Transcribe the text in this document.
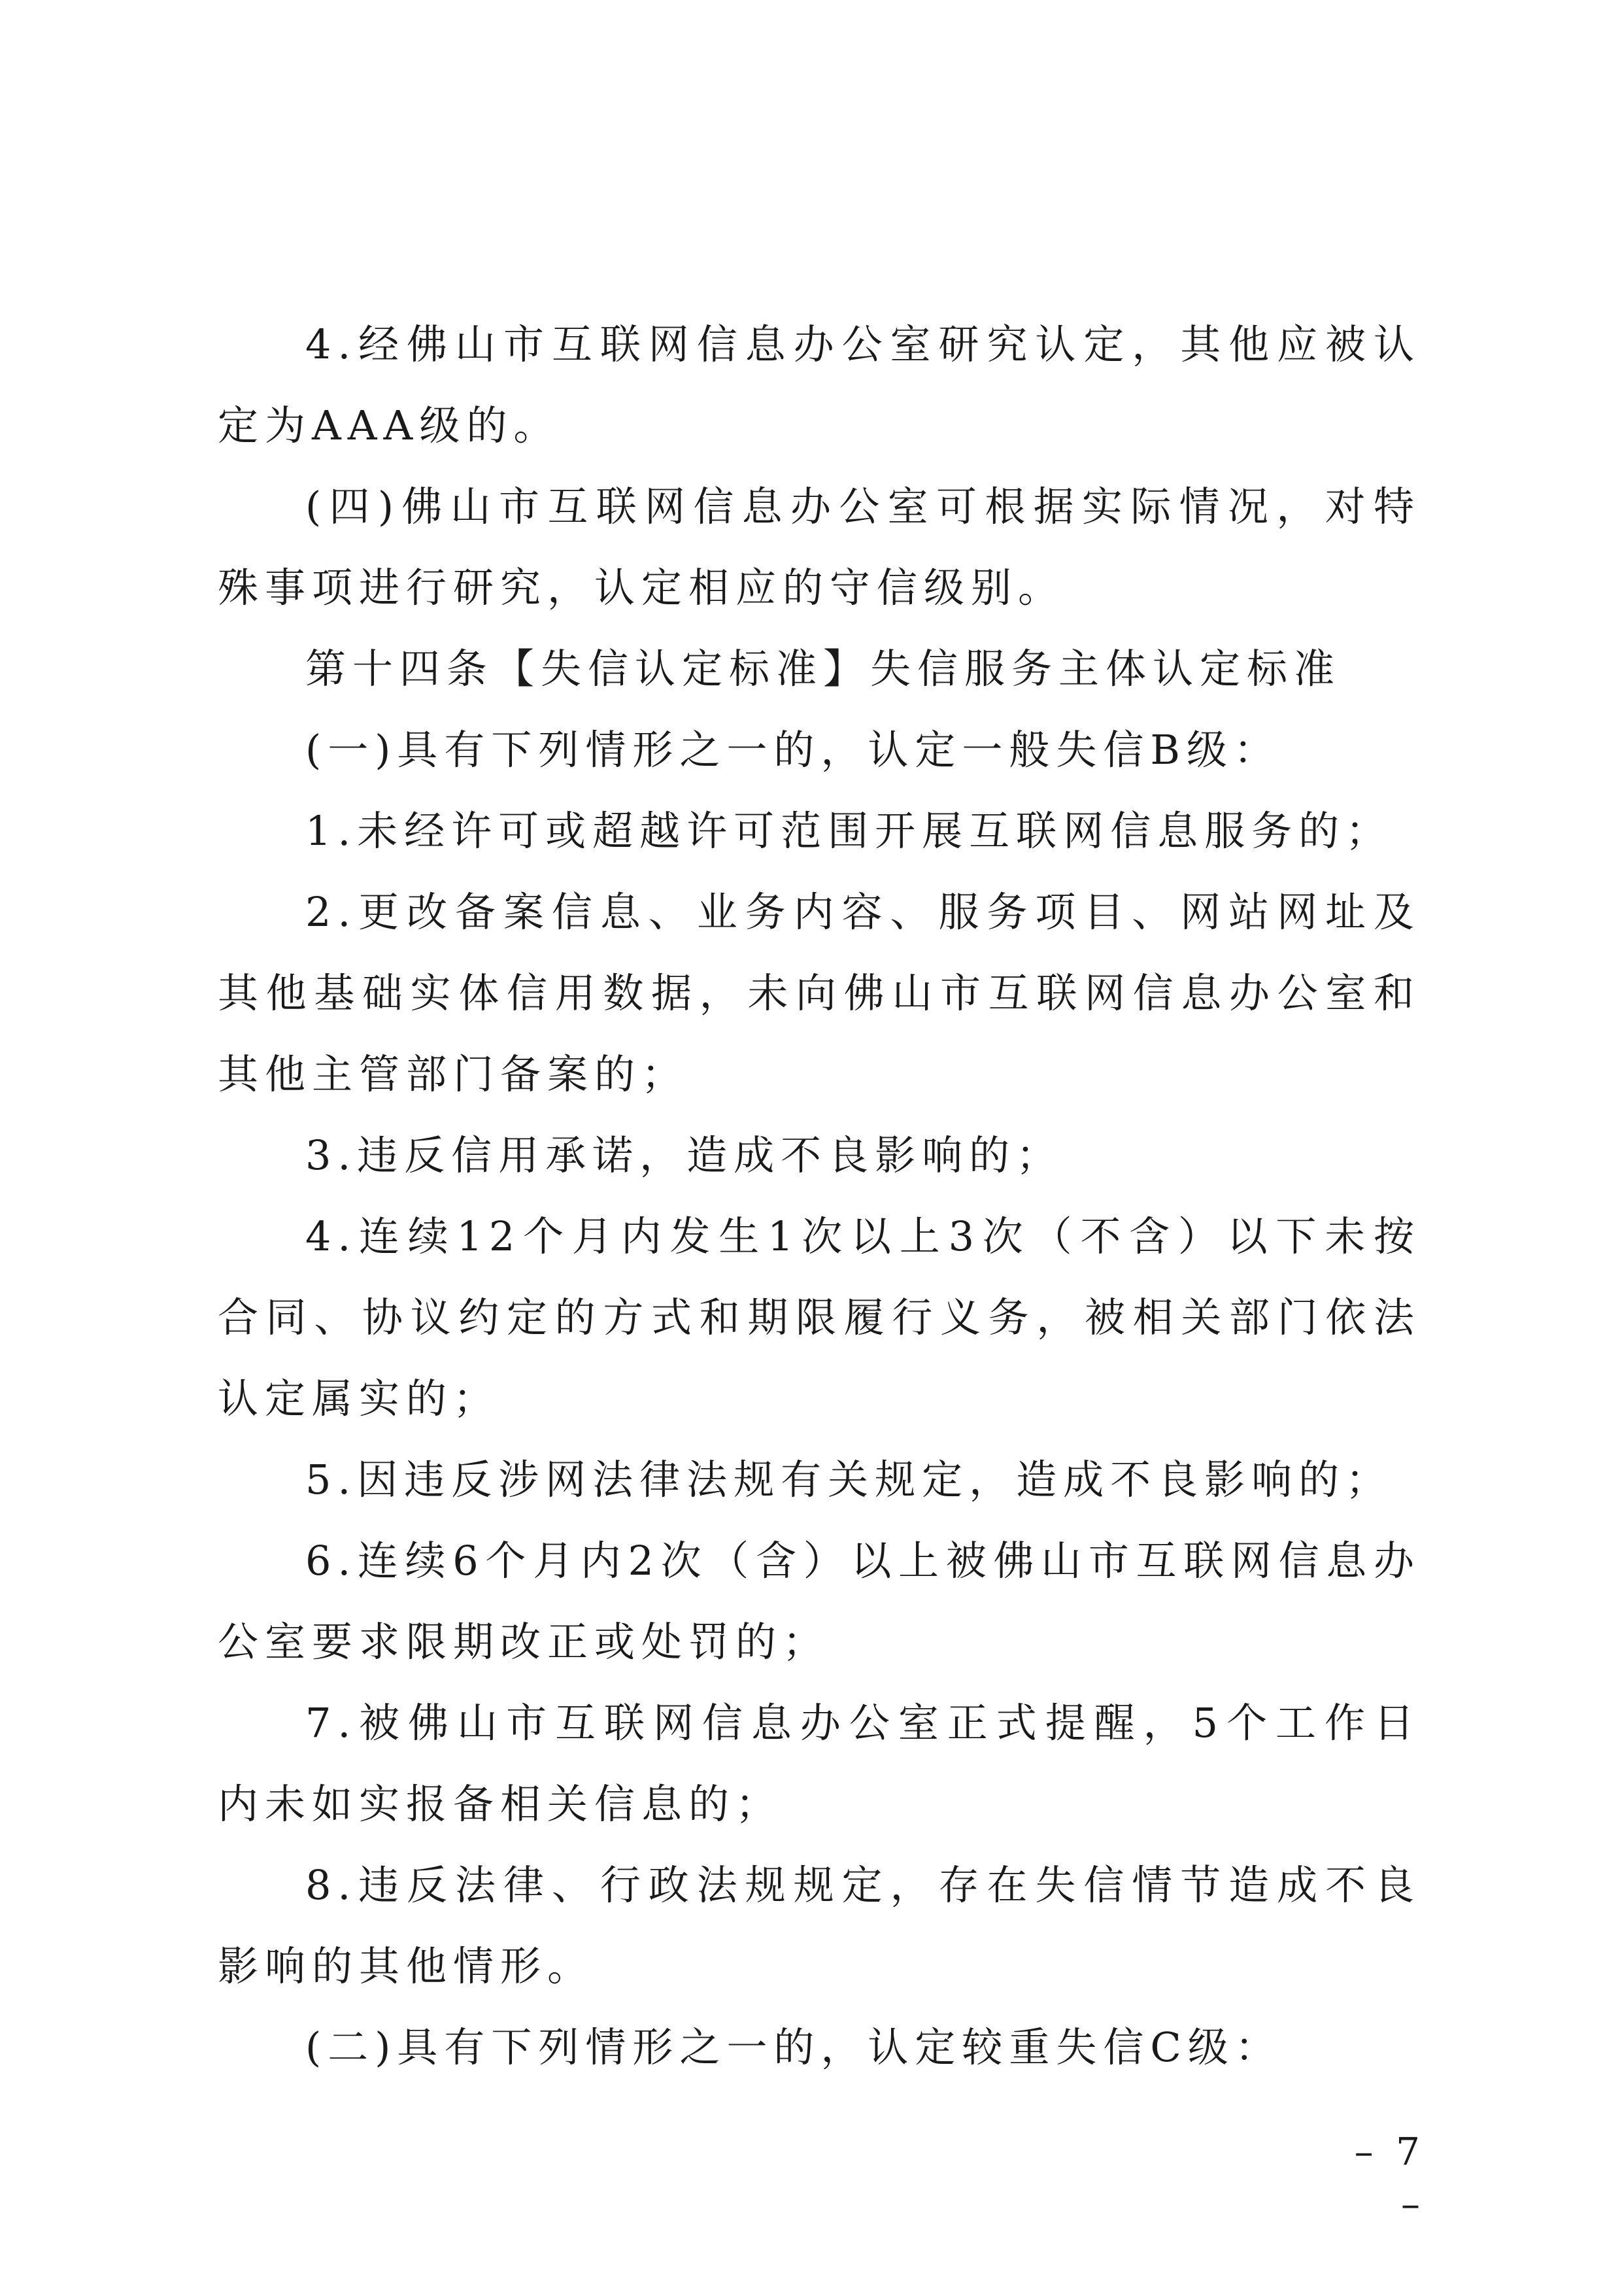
4.经佛山市互联网信息办公室研究认定，其他应被认定为AAA级的。

(四)佛山市互联网信息办公室可根据实际情况，对特殊事项进行研究，认定相应的守信级别。

第十四条【失信认定标准】失信服务主体认定标准

(一)具有下列情形之一的，认定一般失信B级：

1.未经许可或超越许可范围开展互联网信息服务的；

2.更改备案信息、业务内容、服务项目、网站网址及其他基础实体信用数据，未向佛山市互联网信息办公室和其他主管部门备案的；

3.违反信用承诺，造成不良影响的；

4.连续12个月内发生1次以上3次（不含）以下未按合同、协议约定的方式和期限履行义务，被相关部门依法认定属实的；

5.因违反涉网法律法规有关规定，造成不良影响的；

6.连续6个月内2次（含）以上被佛山市互联网信息办公室要求限期改正或处罚的；

7.被佛山市互联网信息办公室正式提醒，5个工作日内未如实报备相关信息的；

8.违反法律、行政法规规定，存在失信情节造成不良影响的其他情形。

(二)具有下列情形之一的，认定较重失信C级：

– 7 –
